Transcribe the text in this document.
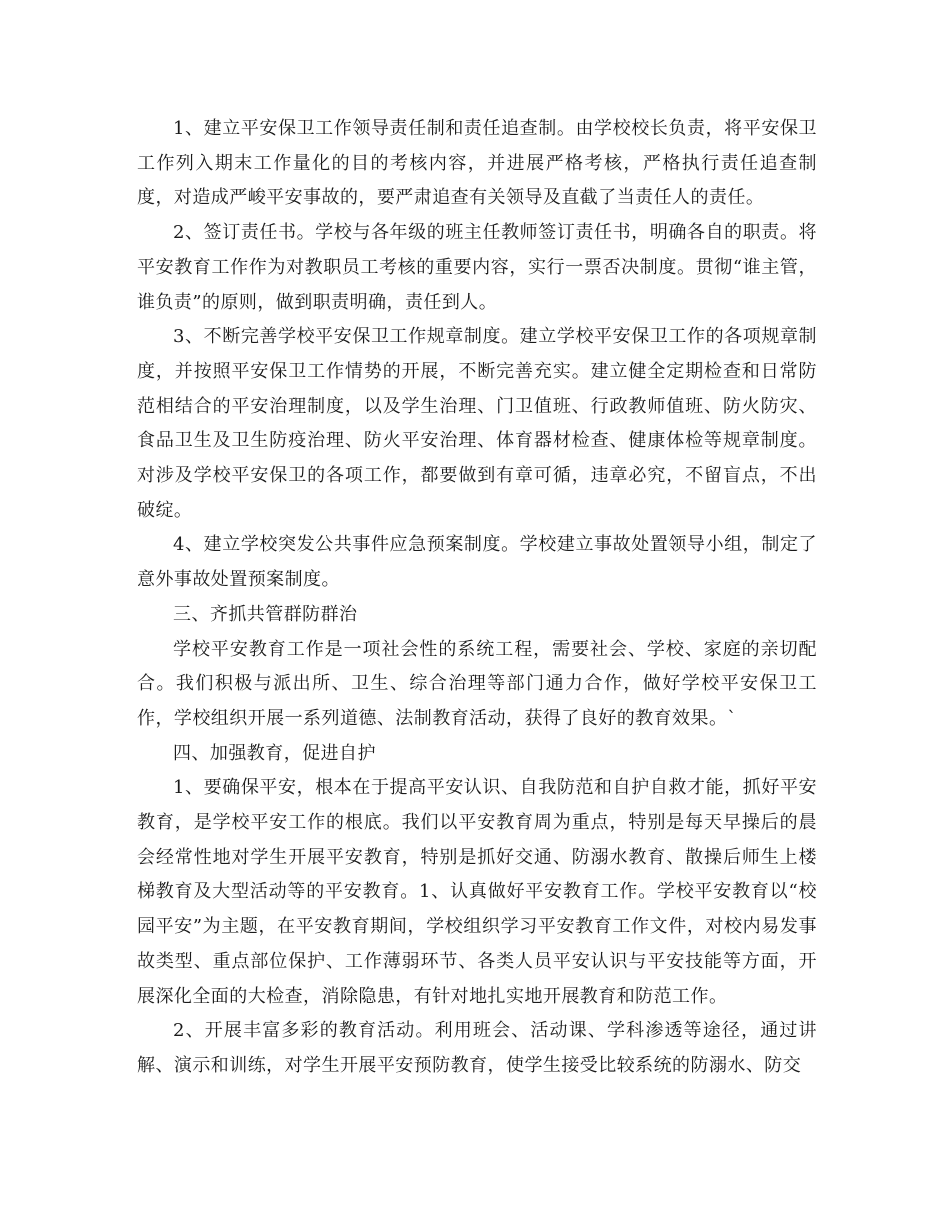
1、建立平安保卫工作领导责任制和责任追查制。由学校校长负责，将平安保卫工作列入期末工作量化的目的考核内容，并进展严格考核，严格执行责任追查制度，对造成严峻平安事故的，要严肃追查有关领导及直截了当责任人的责任。

2、签订责任书。学校与各年级的班主任教师签订责任书，明确各自的职责。将平安教育工作作为对教职员工考核的重要内容，实行一票否决制度。贯彻“谁主管，谁负责”的原则，做到职责明确，责任到人。

3、不断完善学校平安保卫工作规章制度。建立学校平安保卫工作的各项规章制度，并按照平安保卫工作情势的开展，不断完善充实。建立健全定期检查和日常防范相结合的平安治理制度，以及学生治理、门卫值班、行政教师值班、防火防灾、食品卫生及卫生防疫治理、防火平安治理、体育器材检查、健康体检等规章制度。对涉及学校平安保卫的各项工作，都要做到有章可循，违章必究，不留盲点，不出破绽。

4、建立学校突发公共事件应急预案制度。学校建立事故处置领导小组，制定了意外事故处置预案制度。

三、齐抓共管群防群治

学校平安教育工作是一项社会性的系统工程，需要社会、学校、家庭的亲切配合。我们积极与派出所、卫生、综合治理等部门通力合作，做好学校平安保卫工作，学校组织开展一系列道德、法制教育活动，获得了良好的教育效果。`

四、加强教育，促进自护

1、要确保平安，根本在于提高平安认识、自我防范和自护自救才能，抓好平安教育，是学校平安工作的根底。我们以平安教育周为重点，特别是每天早操后的晨会经常性地对学生开展平安教育，特别是抓好交通、防溺水教育、散操后师生上楼梯教育及大型活动等的平安教育。1、认真做好平安教育工作。学校平安教育以“校园平安”为主题，在平安教育期间，学校组织学习平安教育工作文件，对校内易发事故类型、重点部位保护、工作薄弱环节、各类人员平安认识与平安技能等方面，开展深化全面的大检查，消除隐患，有针对地扎实地开展教育和防范工作。

2、开展丰富多彩的教育活动。利用班会、活动课、学科渗透等途径，通过讲解、演示和训练，对学生开展平安预防教育，使学生接受比较系统的防溺水、防交
